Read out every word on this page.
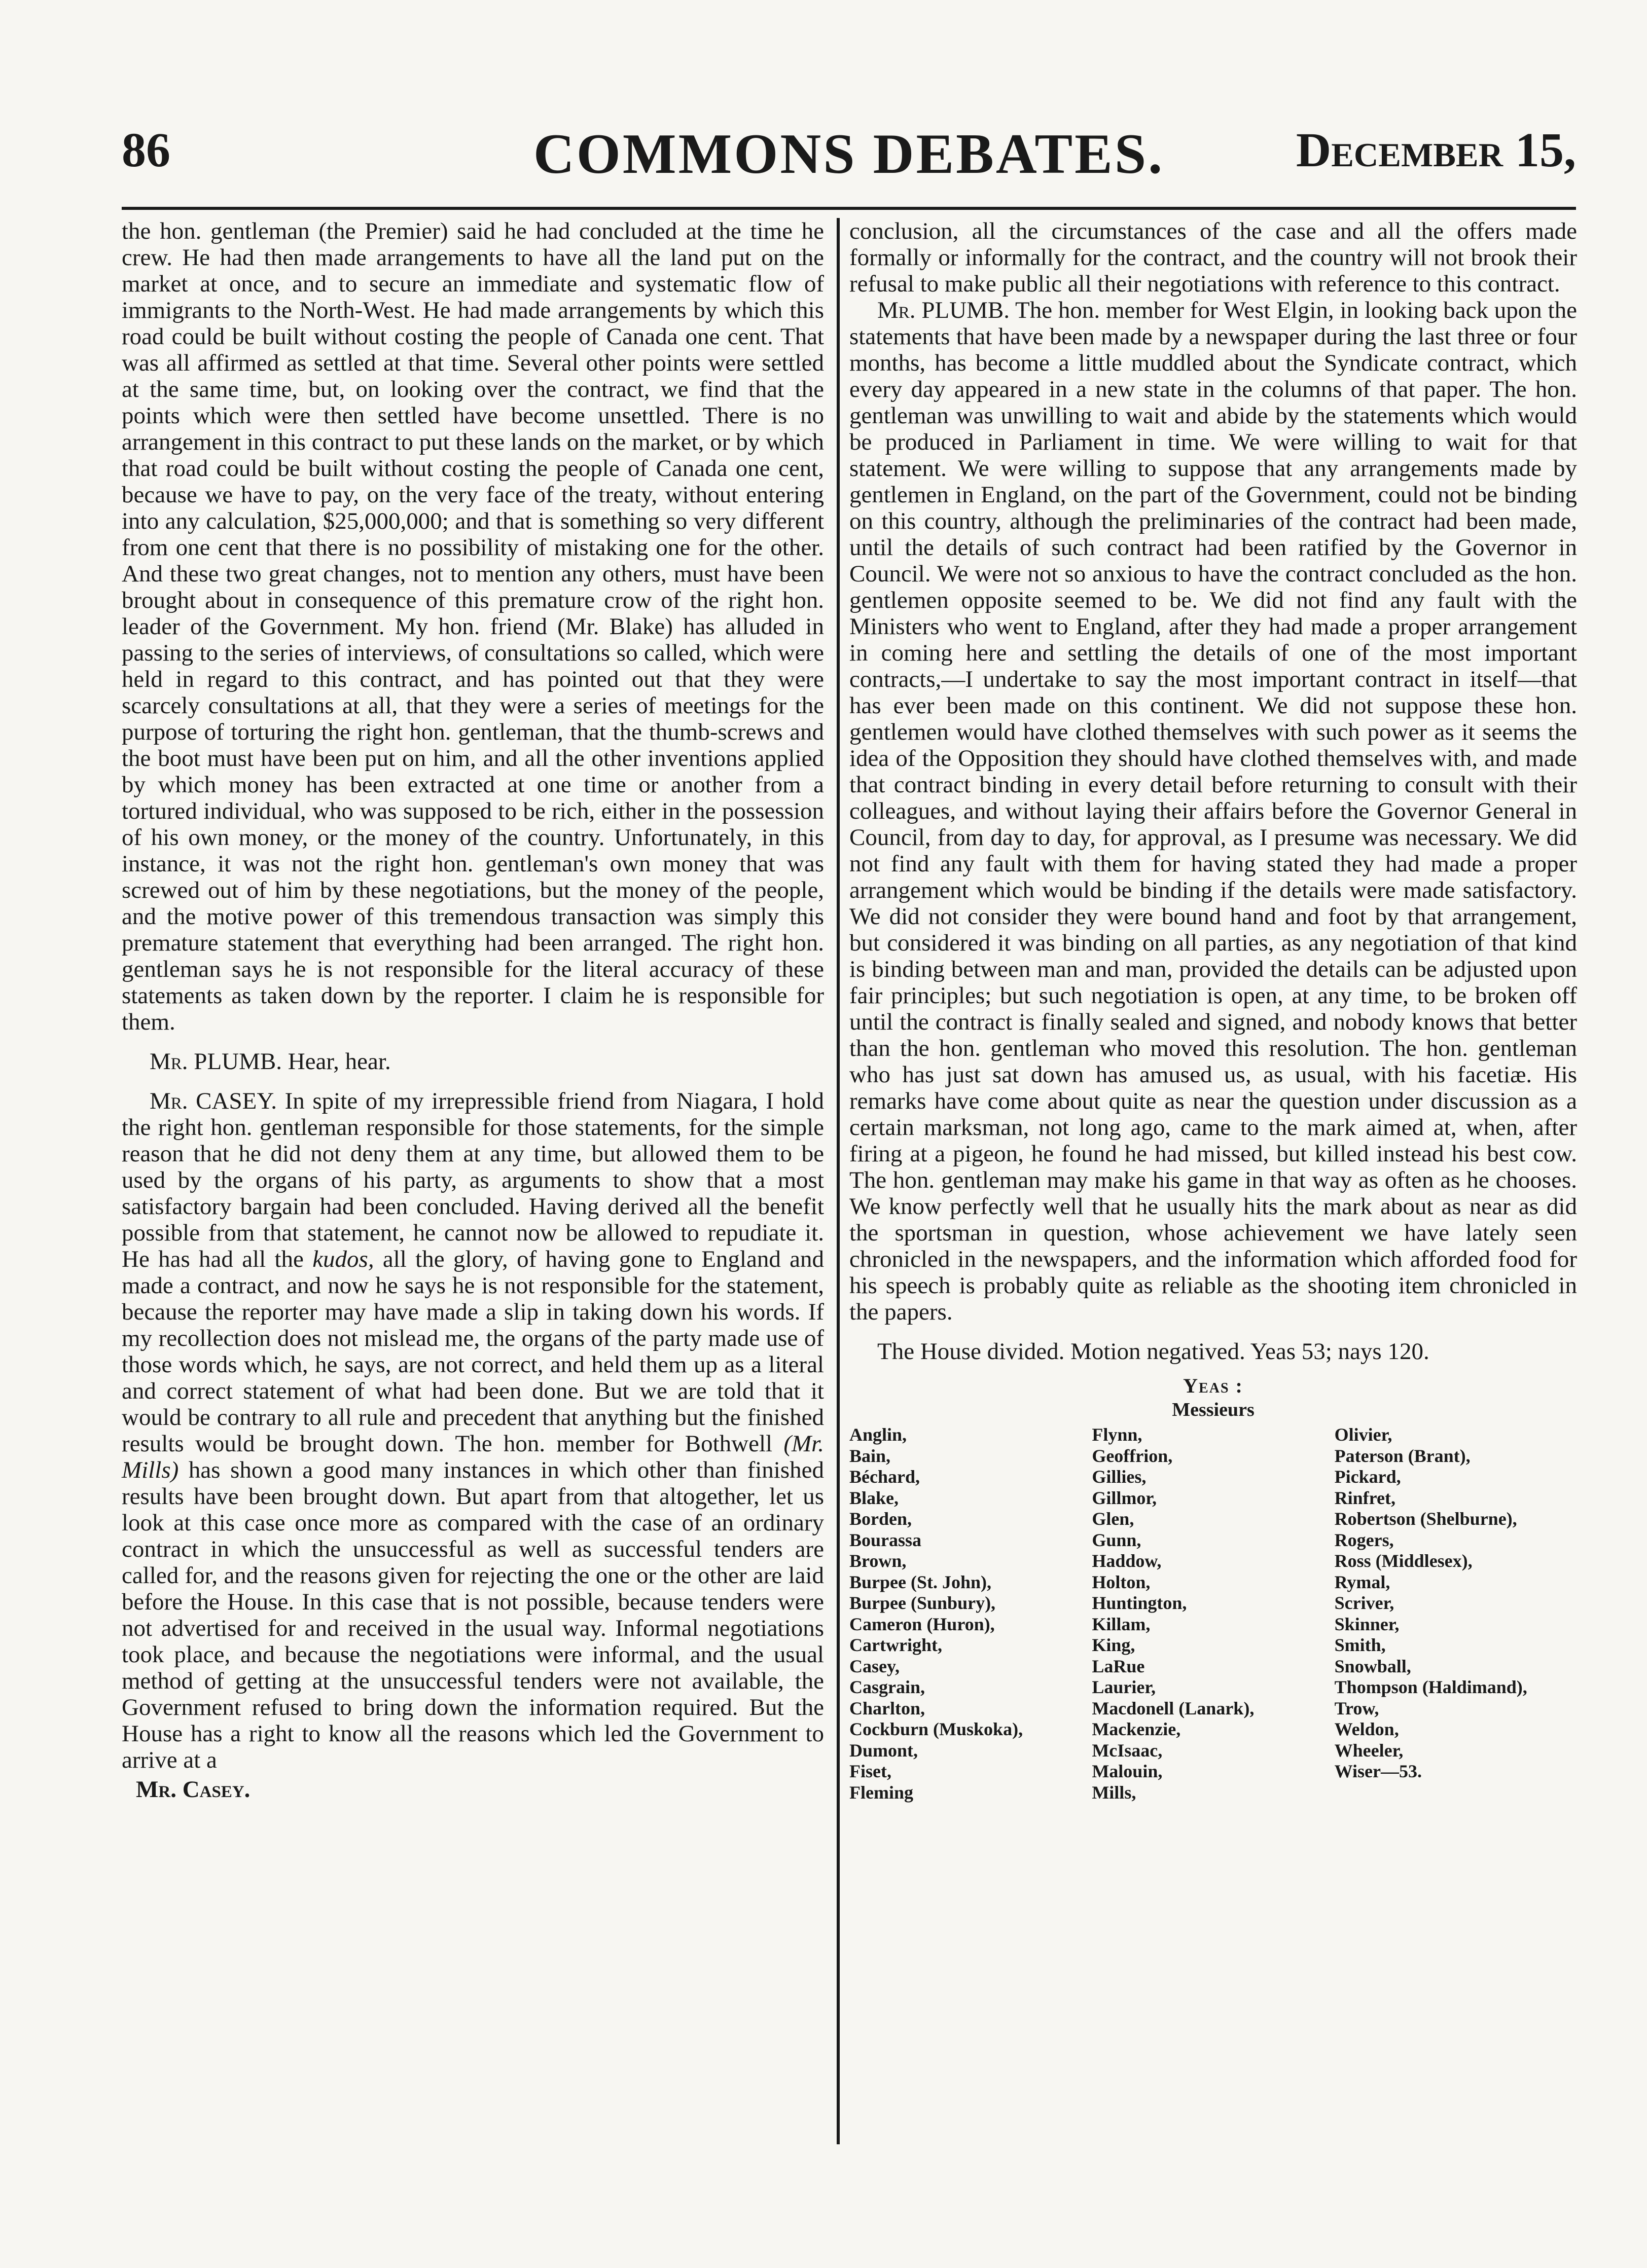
86	COMMONS DEBATES.	December 15,

the hon. gentleman (the Premier) said he had concluded at the time he crew. He had then made arrangements to have all the land put on the market at once, and to secure an immediate and systematic flow of immigrants to the North-West. He had made arrangements by which this road could be built without costing the people of Canada one cent. That was all affirmed as settled at that time. Several other points were settled at the same time, but, on looking over the contract, we find that the points which were then settled have become unsettled. There is no arrangement in this contract to put these lands on the market, or by which that road could be built without costing the people of Canada one cent, because we have to pay, on the very face of the treaty, without entering into any calculation, $25,000,000; and that is something so very different from one cent that there is no possibility of mistaking one for the other. And these two great changes, not to mention any others, must have been brought about in consequence of this premature crow of the right hon. leader of the Government. My hon. friend (Mr. Blake) has alluded in passing to the series of interviews, of consultations so called, which were held in regard to this contract, and has pointed out that they were scarcely consultations at all, that they were a series of meetings for the purpose of torturing the right hon. gentleman, that the thumb-screws and the boot must have been put on him, and all the other inventions applied by which money has been extracted at one time or another from a tortured individual, who was supposed to be rich, either in the possession of his own money, or the money of the country. Unfortunately, in this instance, it was not the right hon. gentleman's own money that was screwed out of him by these negotiations, but the money of the people, and the motive power of this tremendous transaction was simply this premature statement that everything had been arranged. The right hon. gentleman says he is not responsible for the literal accuracy of these statements as taken down by the reporter. I claim he is responsible for them.

Mr. PLUMB. Hear, hear.

Mr. CASEY. In spite of my irrepressible friend from Niagara, I hold the right hon. gentleman responsible for those statements, for the simple reason that he did not deny them at any time, but allowed them to be used by the organs of his party, as arguments to show that a most satisfactory bargain had been concluded. Having derived all the benefit possible from that statement, he cannot now be allowed to repudiate it. He has had all the kudos, all the glory, of having gone to England and made a contract, and now he says he is not responsible for the statement, because the reporter may have made a slip in taking down his words. If my recollection does not mislead me, the organs of the party made use of those words which, he says, are not correct, and held them up as a literal and correct statement of what had been done. But we are told that it would be contrary to all rule and precedent that anything but the finished results would be brought down. The hon. member for Bothwell (Mr. Mills) has shown a good many instances in which other than finished results have been brought down. But apart from that altogether, let us look at this case once more as compared with the case of an ordinary contract in which the unsuccessful as well as successful tenders are called for, and the reasons given for rejecting the one or the other are laid before the House. In this case that is not possible, because tenders were not advertised for and received in the usual way. Informal negotiations took place, and because the negotiations were informal, and the usual method of getting at the unsuccessful tenders were not available, the Government refused to bring down the information required. But the House has a right to know all the reasons which led the Government to arrive at a

Mr. Casey.

conclusion, all the circumstances of the case and all the offers made formally or informally for the contract, and the country will not brook their refusal to make public all their negotiations with reference to this contract.

Mr. PLUMB. The hon. member for West Elgin, in looking back upon the statements that have been made by a newspaper during the last three or four months, has become a little muddled about the Syndicate contract, which every day appeared in a new state in the columns of that paper. The hon. gentleman was unwilling to wait and abide by the statements which would be produced in Parliament in time. We were willing to wait for that statement. We were willing to suppose that any arrangements made by gentlemen in England, on the part of the Government, could not be binding on this country, although the preliminaries of the contract had been made, until the details of such contract had been ratified by the Governor in Council. We were not so anxious to have the contract concluded as the hon. gentlemen opposite seemed to be. We did not find any fault with the Ministers who went to England, after they had made a proper arrangement in coming here and settling the details of one of the most important contracts,—I undertake to say the most important contract in itself—that has ever been made on this continent. We did not suppose these hon. gentlemen would have clothed themselves with such power as it seems the idea of the Opposition they should have clothed themselves with, and made that contract binding in every detail before returning to consult with their colleagues, and without laying their affairs before the Governor General in Council, from day to day, for approval, as I presume was necessary. We did not find any fault with them for having stated they had made a proper arrangement which would be binding if the details were made satisfactory. We did not consider they were bound hand and foot by that arrangement, but considered it was binding on all parties, as any negotiation of that kind is binding between man and man, provided the details can be adjusted upon fair principles; but such negotiation is open, at any time, to be broken off until the contract is finally sealed and signed, and nobody knows that better than the hon. gentleman who moved this resolution. The hon. gentleman who has just sat down has amused us, as usual, with his facetiæ. His remarks have come about quite as near the question under discussion as a certain marksman, not long ago, came to the mark aimed at, when, after firing at a pigeon, he found he had missed, but killed instead his best cow. The hon. gentleman may make his game in that way as often as he chooses. We know perfectly well that he usually hits the mark about as near as did the sportsman in question, whose achievement we have lately seen chronicled in the newspapers, and the information which afforded food for his speech is probably quite as reliable as the shooting item chronicled in the papers.

The House divided. Motion negatived. Yeas 53; nays 120.

Yeas :
Messieurs
Anglin,
Bain,
Béchard,
Blake,
Borden,
Bourassa
Brown,
Burpee (St. John),
Burpee (Sunbury),
Cameron (Huron),
Cartwright,
Casey,
Casgrain,
Charlton,
Cockburn (Muskoka),
Dumont,
Fiset,
Fleming
Flynn,
Geoffrion,
Gillies,
Gillmor,
Glen,
Gunn,
Haddow,
Holton,
Huntington,
Killam,
King,
LaRue
Laurier,
Macdonell (Lanark),
Mackenzie,
McIsaac,
Malouin,
Mills,
Olivier,
Paterson (Brant),
Pickard,
Rinfret,
Robertson (Shelburne),
Rogers,
Ross (Middlesex),
Rymal,
Scriver,
Skinner,
Smith,
Snowball,
Thompson (Haldimand),
Trow,
Weldon,
Wheeler,
Wiser—53.
